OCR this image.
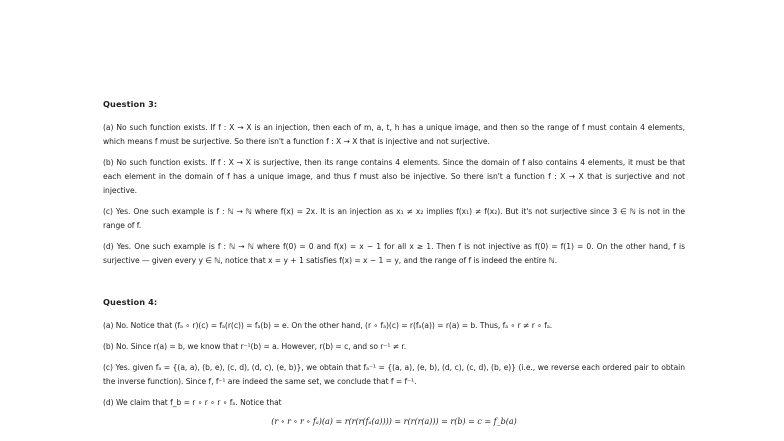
Question 3:

(a) No such function exists. If f : X → X is an injection, then each of m, a, t, h has a unique image, and then so the range of f must contain 4 elements, which means f must be surjective. So there isn't a function f : X → X that is injective and not surjective.

(b) No such function exists. If f : X → X is surjective, then its range contains 4 elements. Since the domain of f also contains 4 elements, it must be that each element in the domain of f has a unique image, and thus f must also be injective. So there isn't a function f : X → X that is surjective and not injective.

(c) Yes. One such example is f : ℕ → ℕ where f(x) = 2x. It is an injection as x₁ ≠ x₂ implies f(x₁) ≠ f(x₂). But it's not surjective since 3 ∈ ℕ is not in the range of f.

(d) Yes. One such example is f : ℕ → ℕ where f(0) = 0 and f(x) = x − 1 for all x ≥ 1. Then f is not injective as f(0) = f(1) = 0. On the other hand, f is surjective — given every y ∈ ℕ, notice that x = y + 1 satisfies f(x) = x − 1 = y, and the range of f is indeed the entire ℕ.

Question 4:

(a) No. Notice that (fₐ ∘ r)(c) = fₐ(r(c)) = fₐ(b) = e. On the other hand, (r ∘ fₐ)(c) = r(fₐ(a)) = r(a) = b. Thus, fₐ ∘ r ≠ r ∘ fₐ.

(b) No. Since r(a) = b, we know that r⁻¹(b) = a. However, r(b) = c, and so r⁻¹ ≠ r.

(c) Yes. given fₐ = {(a, a), (b, e), (c, d), (d, c), (e, b)}, we obtain that fₐ⁻¹ = {(a, a), (e, b), (d, c), (c, d), (b, e)} (i.e., we reverse each ordered pair to obtain the inverse function). Since f, f⁻¹ are indeed the same set, we conclude that f = f⁻¹.

(d) We claim that f_b = r ∘ r ∘ r ∘ fₐ. Notice that

(r ∘ r ∘ r ∘ fₐ)(a) = r(r(r(fₐ(a)))) = r(r(r(a))) = r(b) = c = f_b(a)
